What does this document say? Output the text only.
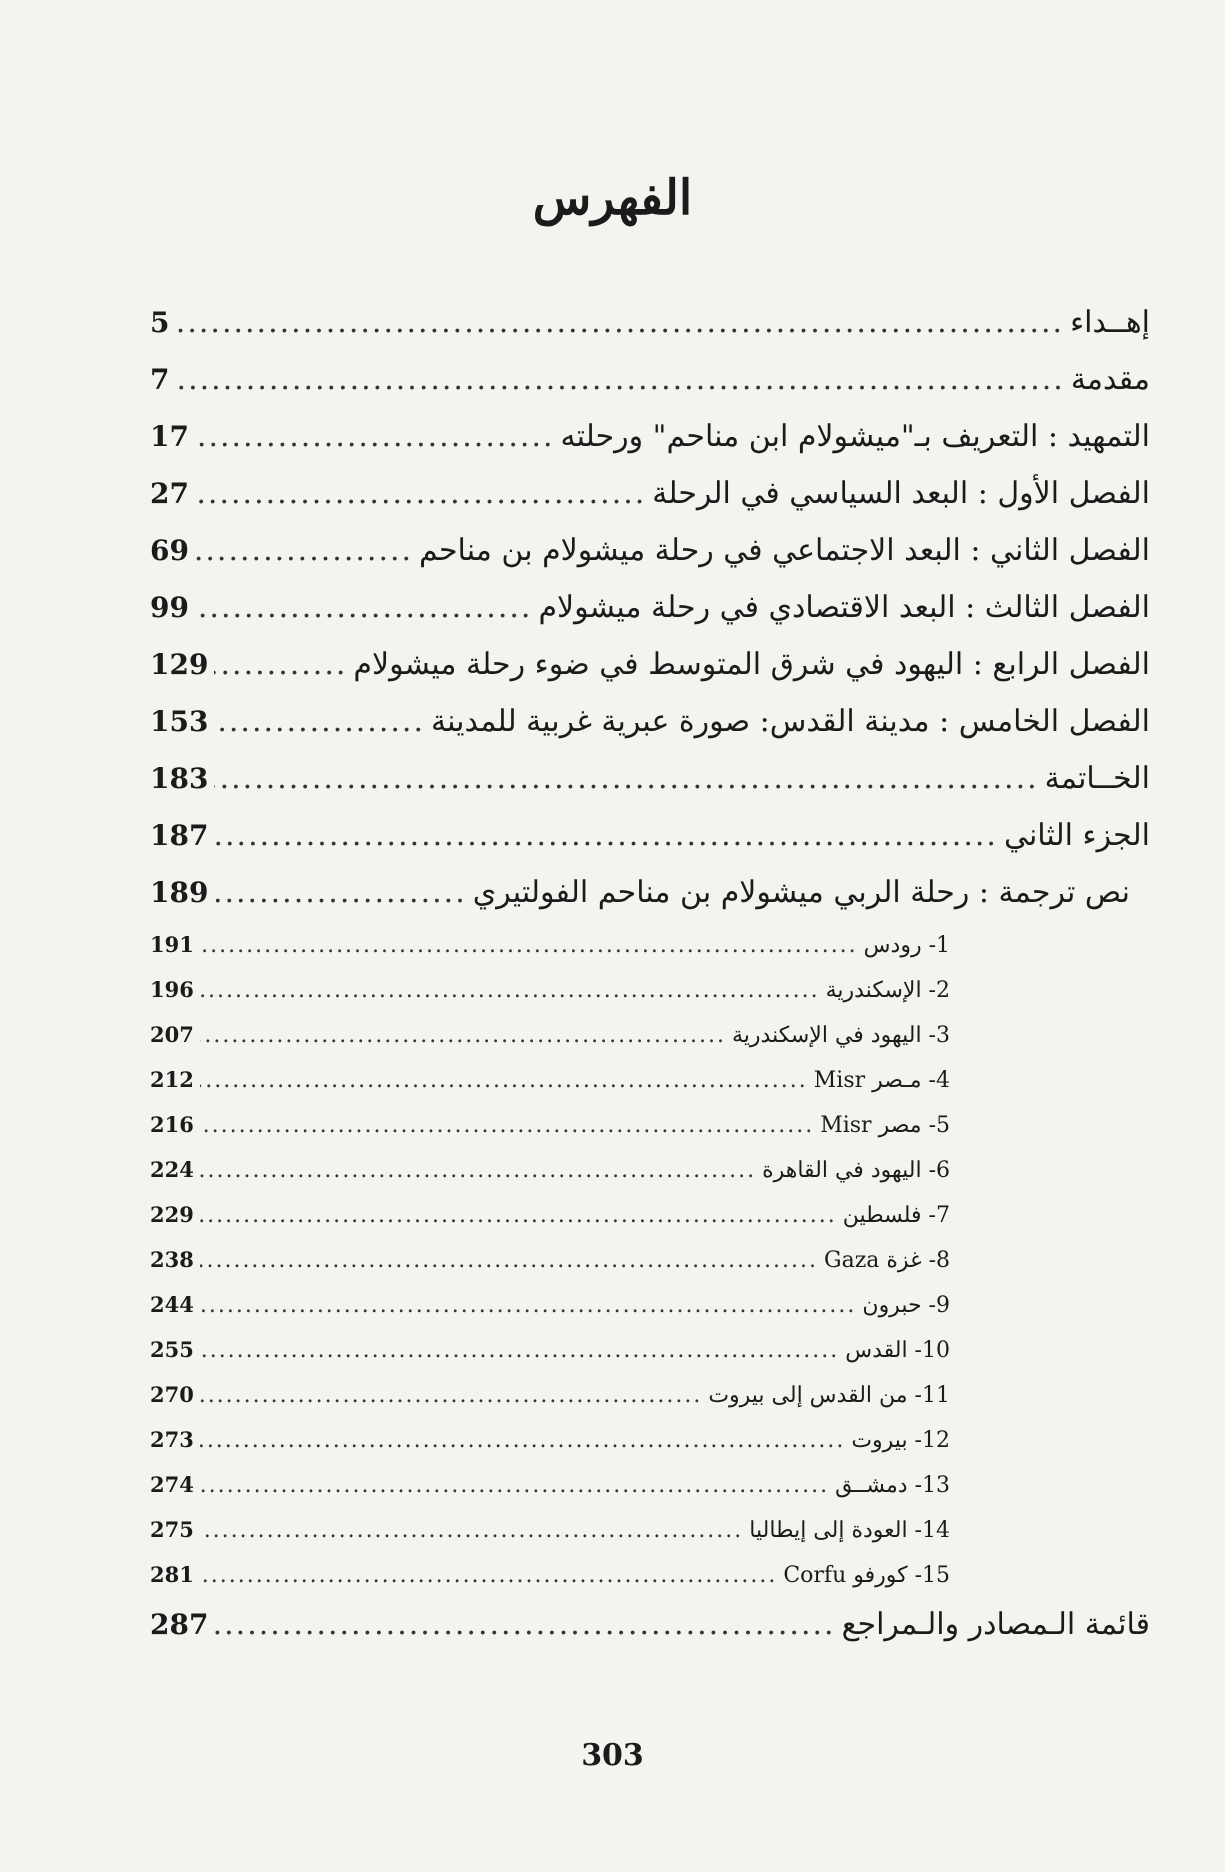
الفهرس
إهــداء
.....
5
مقدمة
.....
7
التمهيد : التعريف بـ"ميشولام ابن مناحم" ورحلته
.....
17
الفصل الأول : البعد السياسي في الرحلة
.....
27
الفصل الثاني : البعد الاجتماعي في رحلة ميشولام بن مناحم
.....
69
الفصل الثالث : البعد الاقتصادي في رحلة ميشولام
.....
99
الفصل الرابع : اليهود في شرق المتوسط في ضوء رحلة ميشولام
.....
129
الفصل الخامس : مدينة القدس: صورة عبرية غربية للمدينة
.....
153
الخــاتمة
.....
183
الجزء الثاني
.....
187
نص ترجمة : رحلة الربي ميشولام بن مناحم الفولتيري
.....
189
1- رودس
.....
191
2- الإسكندرية
.....
196
3- اليهود في الإسكندرية
.....
207
4- مـصر Misr
.....
212
5- مصر Misr
.....
216
6- اليهود في القاهرة
.....
224
7- فلسطين
.....
229
8- غزة Gaza
.....
238
9- حبرون
.....
244
10- القدس
.....
255
11- من القدس إلى بيروت
.....
270
12- بيروت
.....
273
13- دمشــق
.....
274
14- العودة إلى إيطاليا
.....
275
15- كورفو Corfu
.....
281
قائمة الـمصادر والـمراجع
.....
287
303
